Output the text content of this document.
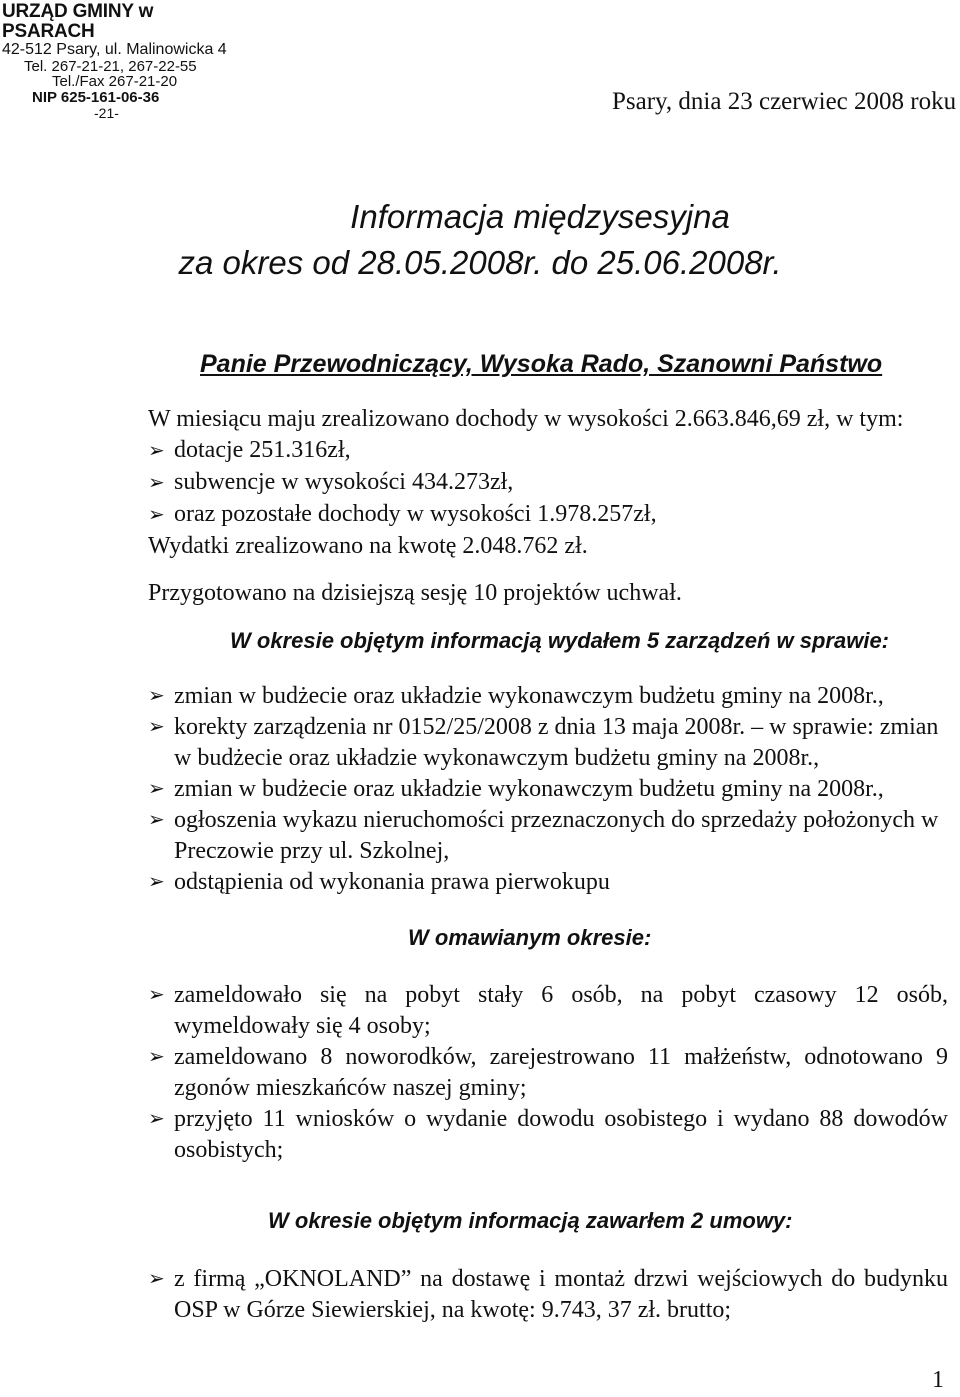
URZĄD GMINY w PSARACH
42-512 Psary, ul. Malinowicka 4
Tel. 267-21-21, 267-22-55
Tel./Fax 267-21-20
NIP 625-161-06-36
-21-	Psary, dnia 23 czerwiec 2008 roku
Informacja międzysesyjna
za okres od 28.05.2008r. do 25.06.2008r.
Panie Przewodniczący, Wysoka Rado, Szanowni Państwo
W miesiącu maju zrealizowano dochody w wysokości 2.663.846,69 zł, w tym:
➢ dotacje 251.316zł,
➢ subwencje w wysokości 434.273zł,
➢ oraz pozostałe dochody w wysokości 1.978.257zł,
Wydatki zrealizowano na kwotę 2.048.762 zł.
Przygotowano na dzisiejszą sesję 10 projektów uchwał.
W okresie objętym informacją wydałem 5 zarządzeń w sprawie:
➢ zmian w budżecie oraz układzie wykonawczym budżetu gminy na 2008r.,
➢ korekty zarządzenia nr 0152/25/2008 z dnia 13 maja 2008r. – w sprawie: zmian w budżecie oraz układzie wykonawczym budżetu gminy na 2008r.,
➢ zmian w budżecie oraz układzie wykonawczym budżetu gminy na 2008r.,
➢ ogłoszenia wykazu nieruchomości przeznaczonych do sprzedaży położonych w Preczowie przy ul. Szkolnej,
➢ odstąpienia od wykonania prawa pierwokupu
W omawianym okresie:
➢ zameldowało się na pobyt stały 6 osób, na pobyt czasowy 12 osób, wymeldowały się 4 osoby;
➢ zameldowano 8 noworodków, zarejestrowano 11 małżeństw, odnotowano 9 zgonów mieszkańców naszej gminy;
➢ przyjęto 11 wniosków o wydanie dowodu osobistego i wydano 88 dowodów osobistych;
W okresie objętym informacją zawarłem 2 umowy:
➢ z firmą „OKNOLAND” na dostawę i montaż drzwi wejściowych do budynku OSP w Górze Siewierskiej, na kwotę: 9.743, 37 zł. brutto;
1
